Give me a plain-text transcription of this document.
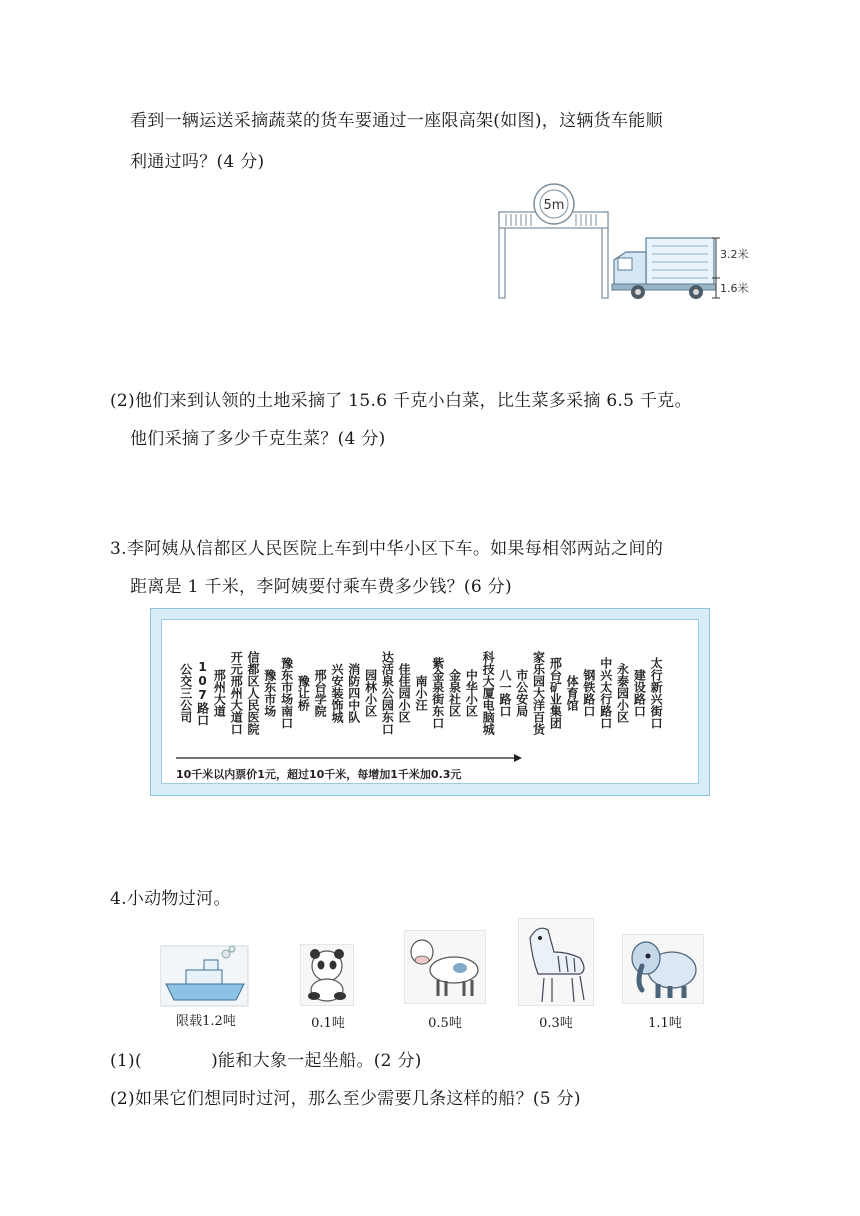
看到一辆运送采摘蔬菜的货车要通过一座限高架(如图)，这辆货车能顺
利通过吗？(4 分)
5m
3.2米
1.6米
(2)他们来到认领的土地采摘了 15.6 千克小白菜，比生菜多采摘 6.5 千克。
他们采摘了多少千克生菜？(4 分)
3.李阿姨从信都区人民医院上车到中华小区下车。如果每相邻两站之间的
距离是 1 千米，李阿姨要付乘车费多少钱？(6 分)
公交三公司 107路口 邢州大道 开元邢州大道口 信都区人民医院 豫东市场 豫东市场南口 豫让桥 邢台学院 兴安装饰城 消防四中队 园林小区 达活泉公园东口 佳佳园小区 南小汪 紫金泉街东口 金泉社区 中华小区 科技大厦电脑城 八一路口 市公安局 家乐园大洋百货 邢台矿业集团 体育馆 钢铁路口 中兴太行路口 永泰园小区 建设路口 太行新兴街口
10千米以内票价1元，超过10千米，每增加1千米加0.3元
4.小动物过河。
限载1.2吨	0.1吨	0.5吨	0.3吨	1.1吨
(1)(　　　　)能和大象一起坐船。(2 分)
(2)如果它们想同时过河，那么至少需要几条这样的船？(5 分)
